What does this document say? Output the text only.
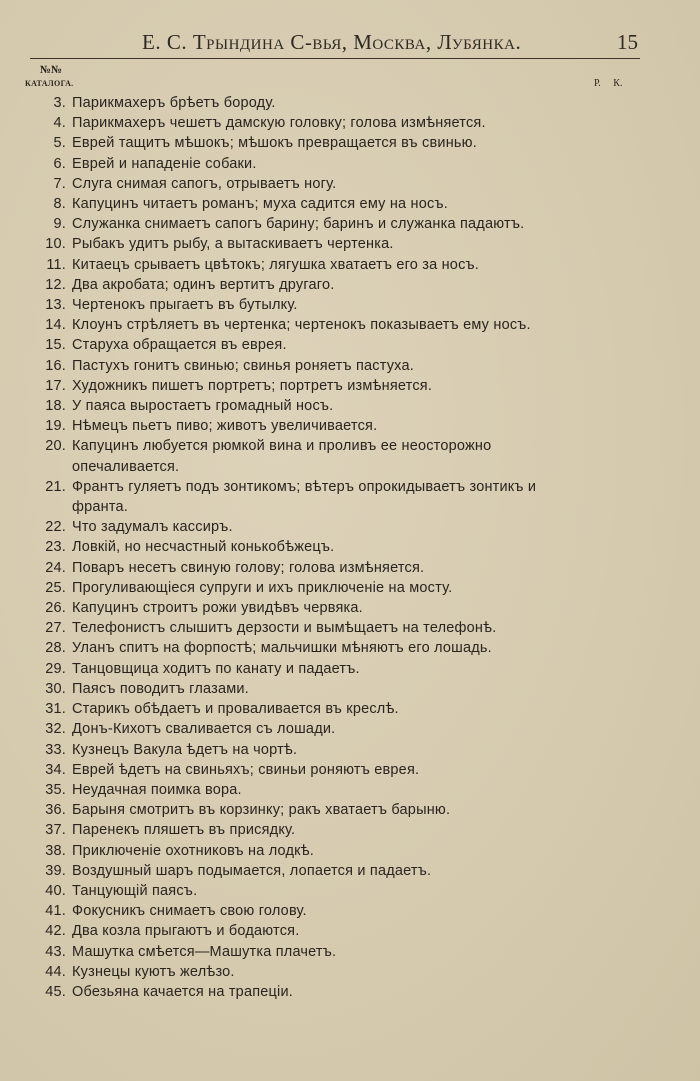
Е. С. Трындина С-вья, Москва, Лубянка.	15
№№
КАТАЛОГА.	Р. К.
3. Парикмахеръ брѣетъ бороду.
4. Парикмахеръ чешетъ дамскую головку; голова измѣняется.
5. Еврей тащитъ мѣшокъ; мѣшокъ превращается въ свинью.
6. Еврей и нападеніе собаки.
7. Слуга снимая сапогъ, отрываетъ ногу.
8. Капуцинъ читаетъ романъ; муха садится ему на носъ.
9. Служанка снимаетъ сапогъ барину; баринъ и служанка падаютъ.
10. Рыбакъ удитъ рыбу, а вытаскиваетъ чертенка.
11. Китаецъ срываетъ цвѣтокъ; лягушка хватаетъ его за носъ.
12. Два акробата; одинъ вертитъ другаго.
13. Чертенокъ прыгаетъ въ бутылку.
14. Клоунъ стрѣляетъ въ чертенка; чертенокъ показываетъ ему носъ.
15. Старуха обращается въ еврея.
16. Пастухъ гонитъ свинью; свинья роняетъ пастуха.
17. Художникъ пишетъ портретъ; портретъ измѣняется.
18. У паяса выростаетъ громадный носъ.
19. Нѣмецъ пьетъ пиво; животъ увеличивается.
20. Капуцинъ любуется рюмкой вина и проливъ ее неосторожно опечаливается.
21. Франтъ гуляетъ подъ зонтикомъ; вѣтеръ опрокидываетъ зонтикъ и франта.
22. Что задумалъ кассиръ.
23. Ловкій, но несчастный конькобѣжецъ.
24. Поваръ несетъ свиную голову; голова измѣняется.
25. Прогуливающіеся супруги и ихъ приключеніе на мосту.
26. Капуцинъ строитъ рожи увидѣвъ червяка.
27. Телефонистъ слышитъ дерзости и вымѣщаетъ на телефонѣ.
28. Уланъ спитъ на форпостѣ; мальчишки мѣняютъ его лошадь.
29. Танцовщица ходитъ по канату и падаетъ.
30. Паясъ поводитъ глазами.
31. Старикъ обѣдаетъ и проваливается въ креслѣ.
32. Донъ-Кихотъ сваливается съ лошади.
33. Кузнецъ Вакула ѣдетъ на чортѣ.
34. Еврей ѣдетъ на свиньяхъ; свиньи роняютъ еврея.
35. Неудачная поимка вора.
36. Барыня смотритъ въ корзинку; ракъ хватаетъ барыню.
37. Паренекъ пляшетъ въ присядку.
38. Приключеніе охотниковъ на лодкѣ.
39. Воздушный шаръ подымается, лопается и падаетъ.
40. Танцующій паясъ.
41. Фокусникъ снимаетъ свою голову.
42. Два козла прыгаютъ и бодаются.
43. Машутка смѣется—Машутка плачетъ.
44. Кузнецы куютъ желѣзо.
45. Обезьяна качается на трапеціи.
